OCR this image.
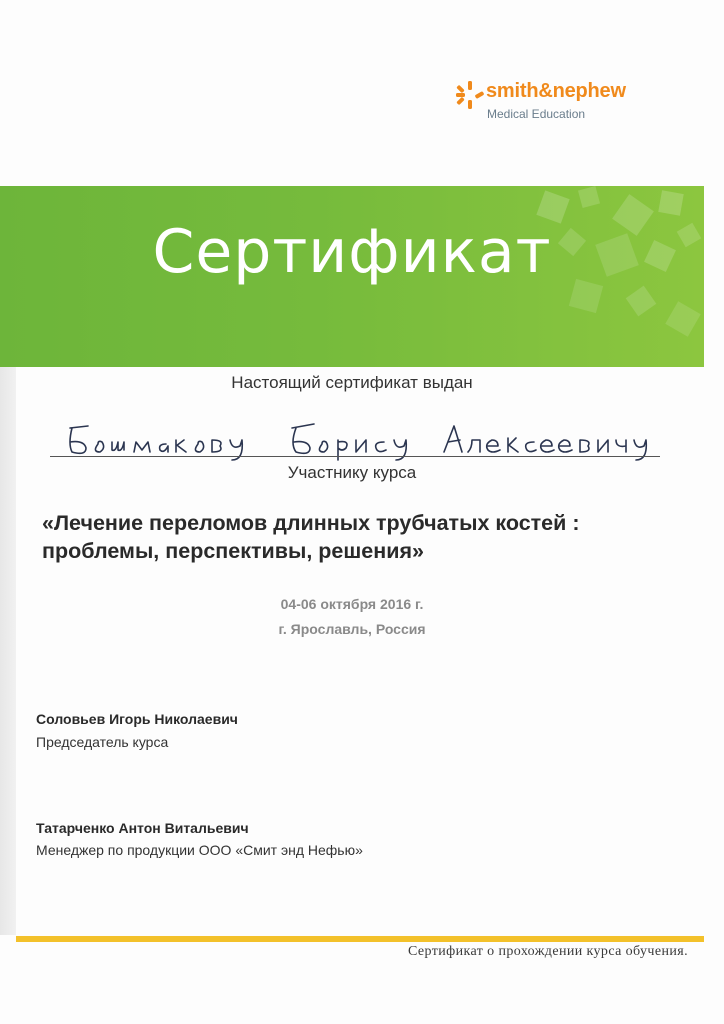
smith&nephew
Medical Education
Сертификат
Настоящий сертификат выдан
Участнику курса
«Лечение переломов длинных трубчатых костей : проблемы, перспективы, решения»
04-06 октября 2016 г.
г. Ярославль, Россия
Соловьев Игорь Николаевич
Председатель курса
Татарченко Антон Витальевич
Менеджер по продукции ООО «Смит энд Нефью»
Сертификат о прохождении курса обучения.
